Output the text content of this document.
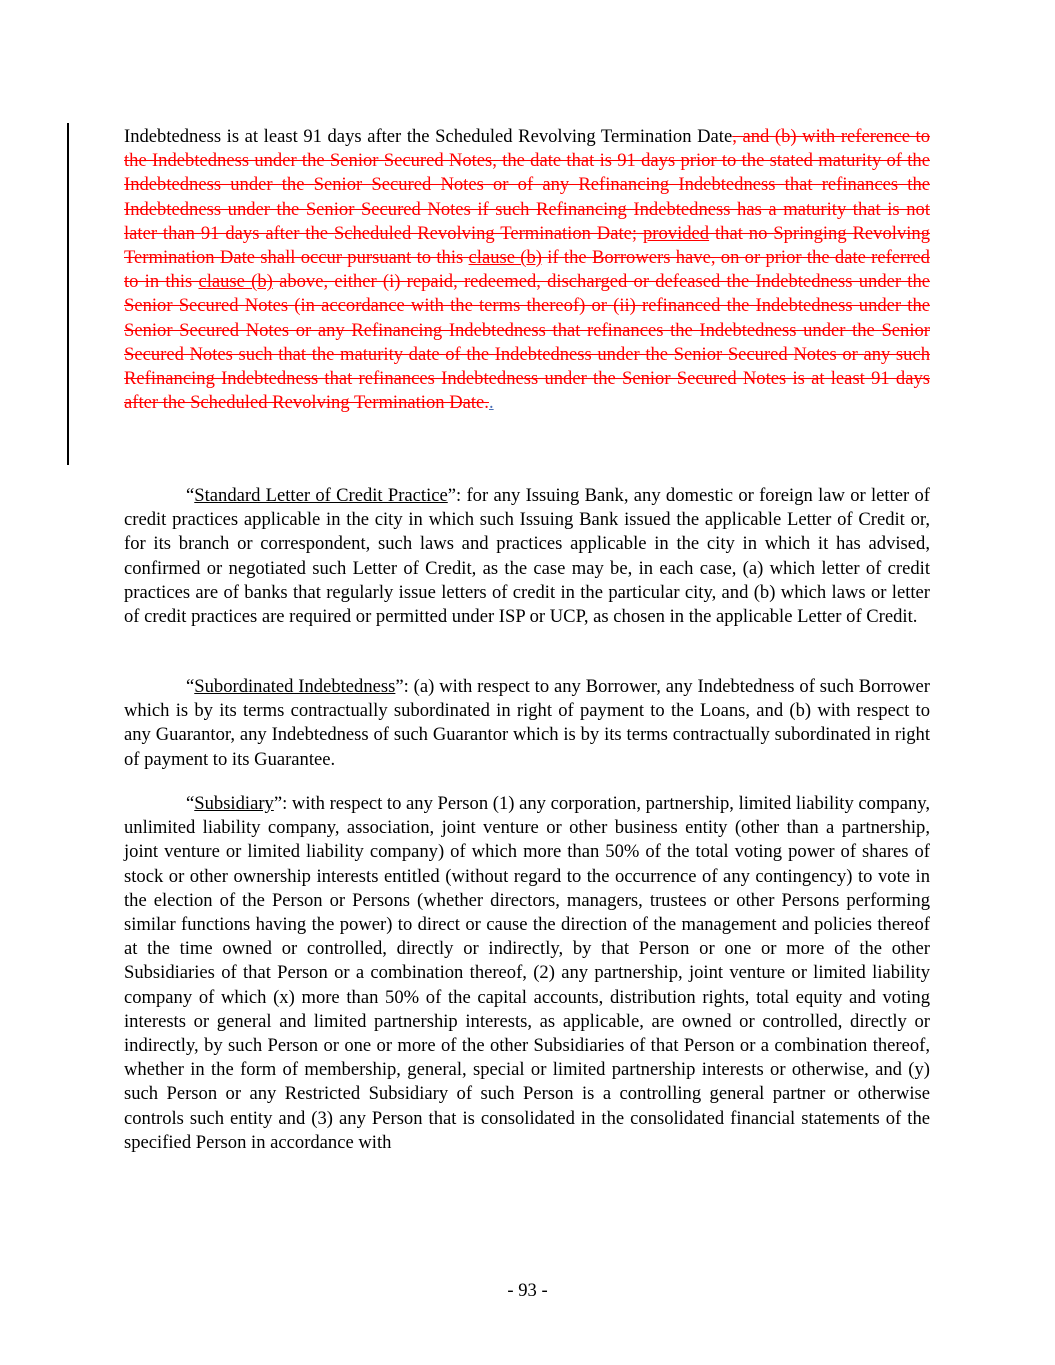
Indebtedness is at least 91 days after the Scheduled Revolving Termination Date, and (b) with reference to the Indebtedness under the Senior Secured Notes, the date that is 91 days prior to the stated maturity of the Indebtedness under the Senior Secured Notes or of any Refinancing Indebtedness that refinances the Indebtedness under the Senior Secured Notes if such Refinancing Indebtedness has a maturity that is not later than 91 days after the Scheduled Revolving Termination Date; provided that no Springing Revolving Termination Date shall occur pursuant to this clause (b) if the Borrowers have, on or prior the date referred to in this clause (b) above, either (i) repaid, redeemed, discharged or defeased the Indebtedness under the Senior Secured Notes (in accordance with the terms thereof) or (ii) refinanced the Indebtedness under the Senior Secured Notes or any Refinancing Indebtedness that refinances the Indebtedness under the Senior Secured Notes such that the maturity date of the Indebtedness under the Senior Secured Notes or any such Refinancing Indebtedness that refinances Indebtedness under the Senior Secured Notes is at least 91 days after the Scheduled Revolving Termination Date..

“Standard Letter of Credit Practice”: for any Issuing Bank, any domestic or foreign law or letter of credit practices applicable in the city in which such Issuing Bank issued the applicable Letter of Credit or, for its branch or correspondent, such laws and practices applicable in the city in which it has advised, confirmed or negotiated such Letter of Credit, as the case may be, in each case, (a) which letter of credit practices are of banks that regularly issue letters of credit in the particular city, and (b) which laws or letter of credit practices are required or permitted under ISP or UCP, as chosen in the applicable Letter of Credit.

“Subordinated Indebtedness”: (a) with respect to any Borrower, any Indebtedness of such Borrower which is by its terms contractually subordinated in right of payment to the Loans, and (b) with respect to any Guarantor, any Indebtedness of such Guarantor which is by its terms contractually subordinated in right of payment to its Guarantee.

“Subsidiary”: with respect to any Person (1) any corporation, partnership, limited liability company, unlimited liability company, association, joint venture or other business entity (other than a partnership, joint venture or limited liability company) of which more than 50% of the total voting power of shares of stock or other ownership interests entitled (without regard to the occurrence of any contingency) to vote in the election of the Person or Persons (whether directors, managers, trustees or other Persons performing similar functions having the power) to direct or cause the direction of the management and policies thereof at the time owned or controlled, directly or indirectly, by that Person or one or more of the other Subsidiaries of that Person or a combination thereof, (2) any partnership, joint venture or limited liability company of which (x) more than 50% of the capital accounts, distribution rights, total equity and voting interests or general and limited partnership interests, as applicable, are owned or controlled, directly or indirectly, by such Person or one or more of the other Subsidiaries of that Person or a combination thereof, whether in the form of membership, general, special or limited partnership interests or otherwise, and (y) such Person or any Restricted Subsidiary of such Person is a controlling general partner or otherwise controls such entity and (3) any Person that is consolidated in the consolidated financial statements of the specified Person in accordance with

- 93 -
